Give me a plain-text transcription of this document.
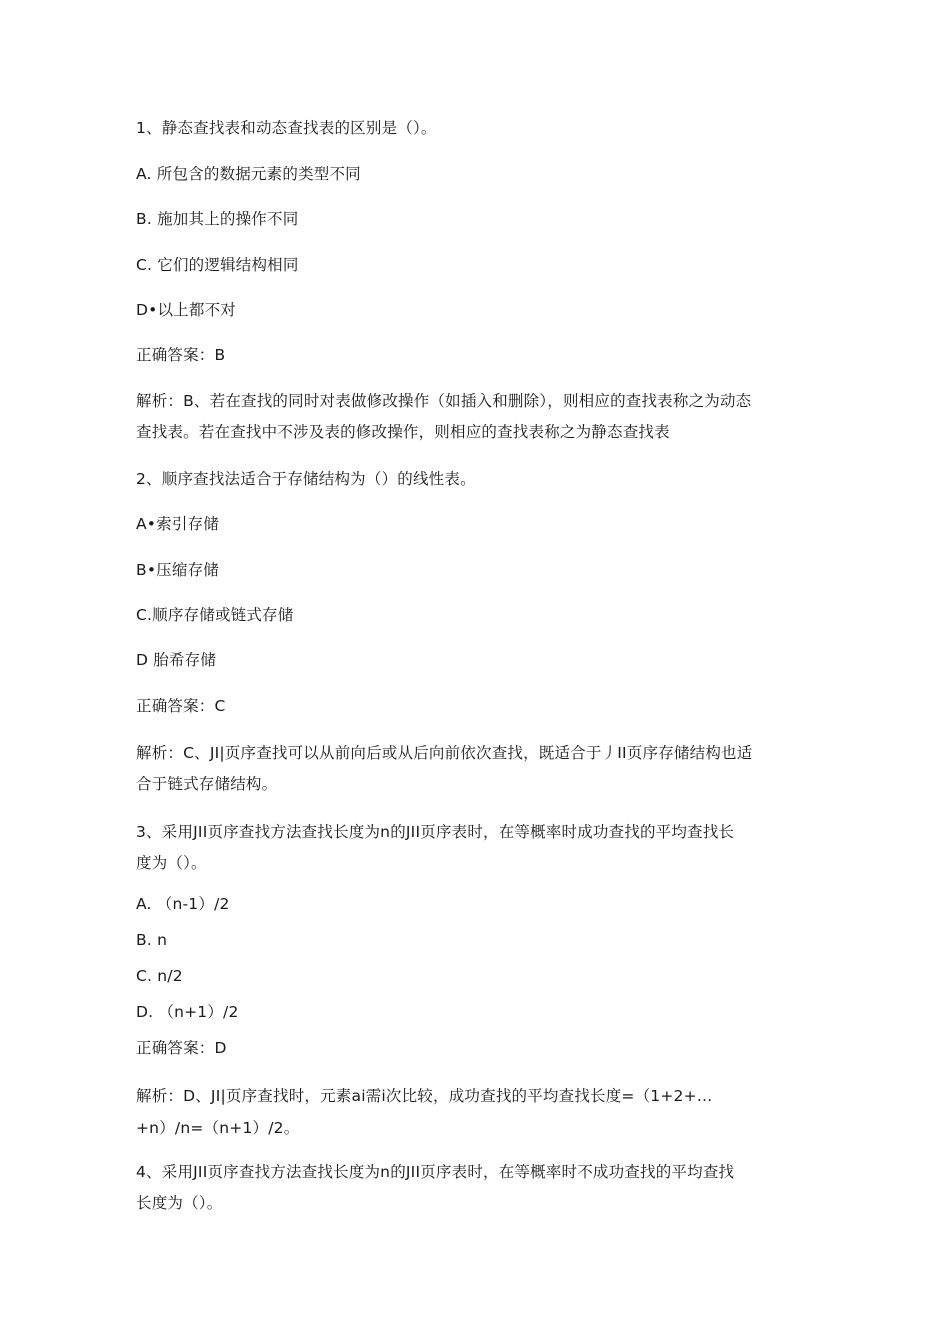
1、静态查找表和动态查找表的区别是（）。
A. 所包含的数据元素的类型不同
B. 施加其上的操作不同
C. 它们的逻辑结构相同
D•以上都不对
正确答案：B
解析：B、若在查找的同时对表做修改操作（如插入和删除），则相应的查找表称之为动态
查找表。若在查找中不涉及表的修改操作，则相应的查找表称之为静态查找表
2、顺序查找法适合于存储结构为（）的线性表。
A•索引存储
B•压缩存储
C.顺序存储或链式存储
D 胎希存储
正确答案：C
解析：C、JI|页序查找可以从前向后或从后向前依次查找，既适合于丿II页序存储结构也适
合于链式存储结构。
3、采用JII页序查找方法查找长度为n的JII页序表时，在等概率时成功查找的平均查找长
度为（）。
A. （n-1）/2
B. n
C. n/2
D. （n+1）/2
正确答案：D
解析：D、JI|页序查找时，元素ai需i次比较，成功查找的平均查找长度=（1+2+…
+n）/n=（n+1）/2。
4、采用JII页序查找方法查找长度为n的JII页序表时，在等概率时不成功查找的平均查找
长度为（）。
